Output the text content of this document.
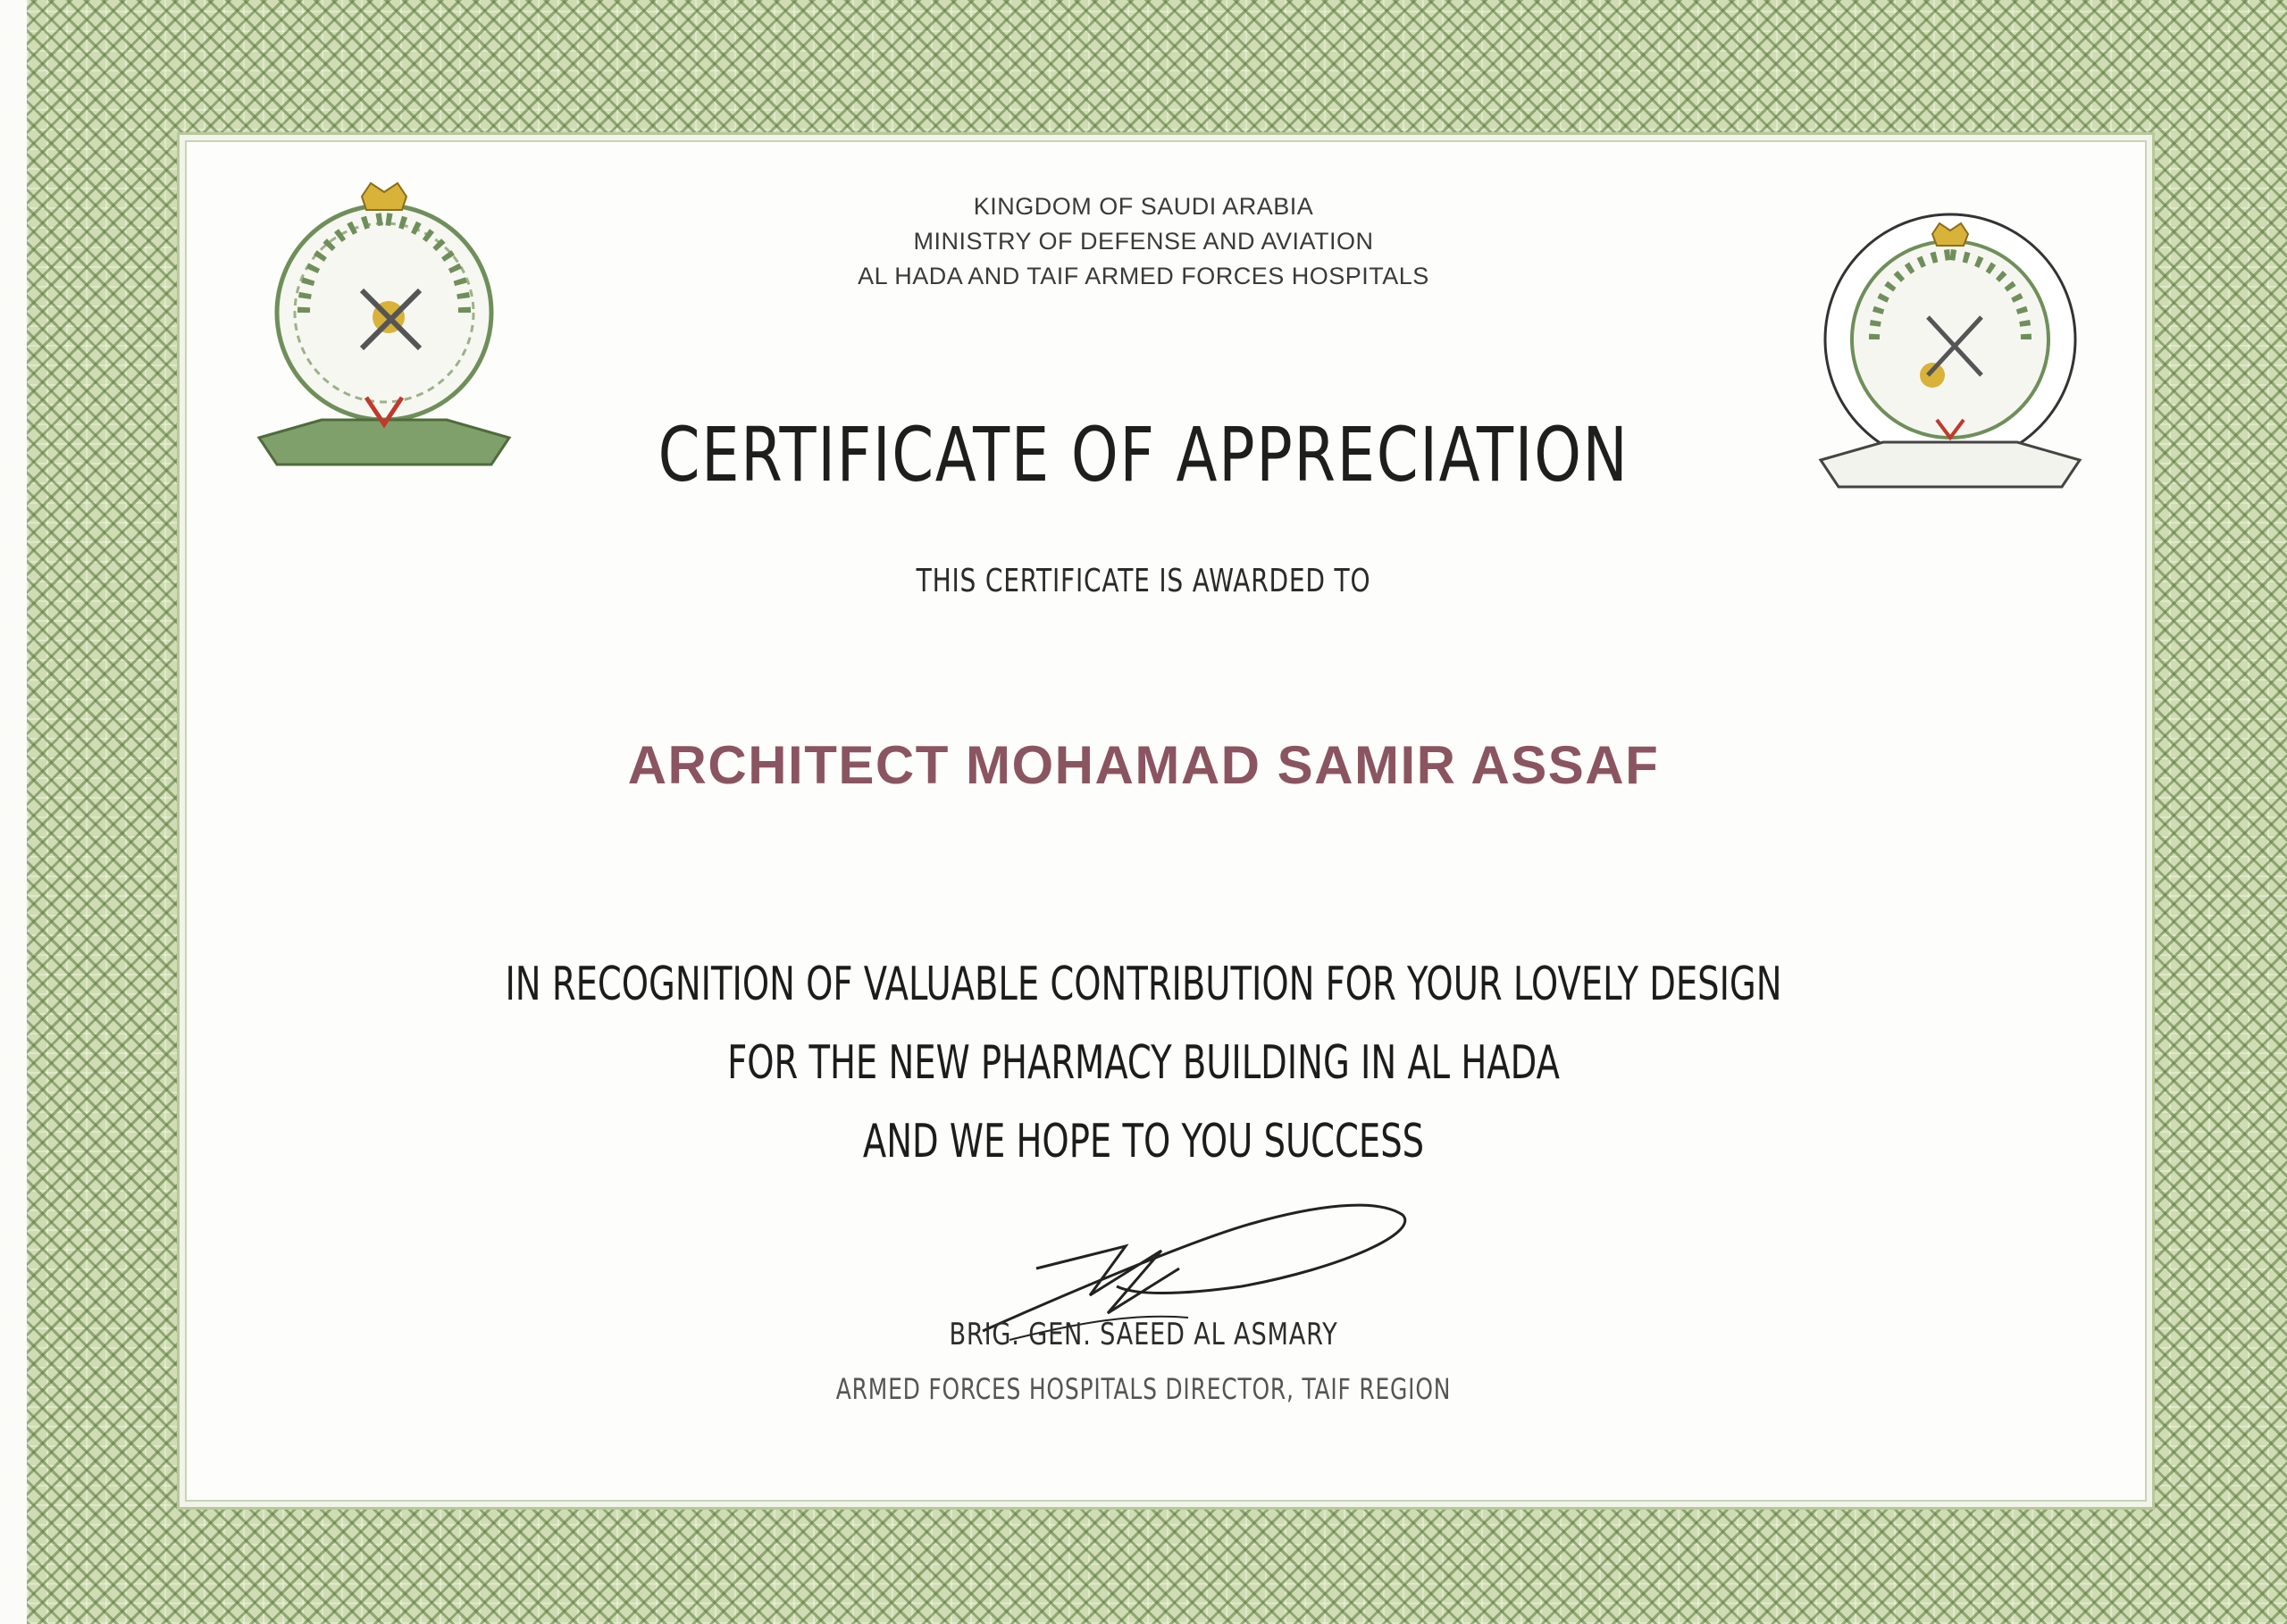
KINGDOM OF SAUDI ARABIA
MINISTRY OF DEFENSE AND AVIATION
AL HADA AND TAIF ARMED FORCES HOSPITALS
CERTIFICATE OF APPRECIATION
THIS CERTIFICATE IS AWARDED TO
ARCHITECT MOHAMAD SAMIR ASSAF
IN RECOGNITION OF VALUABLE CONTRIBUTION FOR YOUR LOVELY DESIGN
FOR THE NEW PHARMACY BUILDING IN AL HADA
AND WE HOPE TO YOU SUCCESS
BRIG. GEN. SAEED AL ASMARY
ARMED FORCES HOSPITALS DIRECTOR, TAIF REGION
